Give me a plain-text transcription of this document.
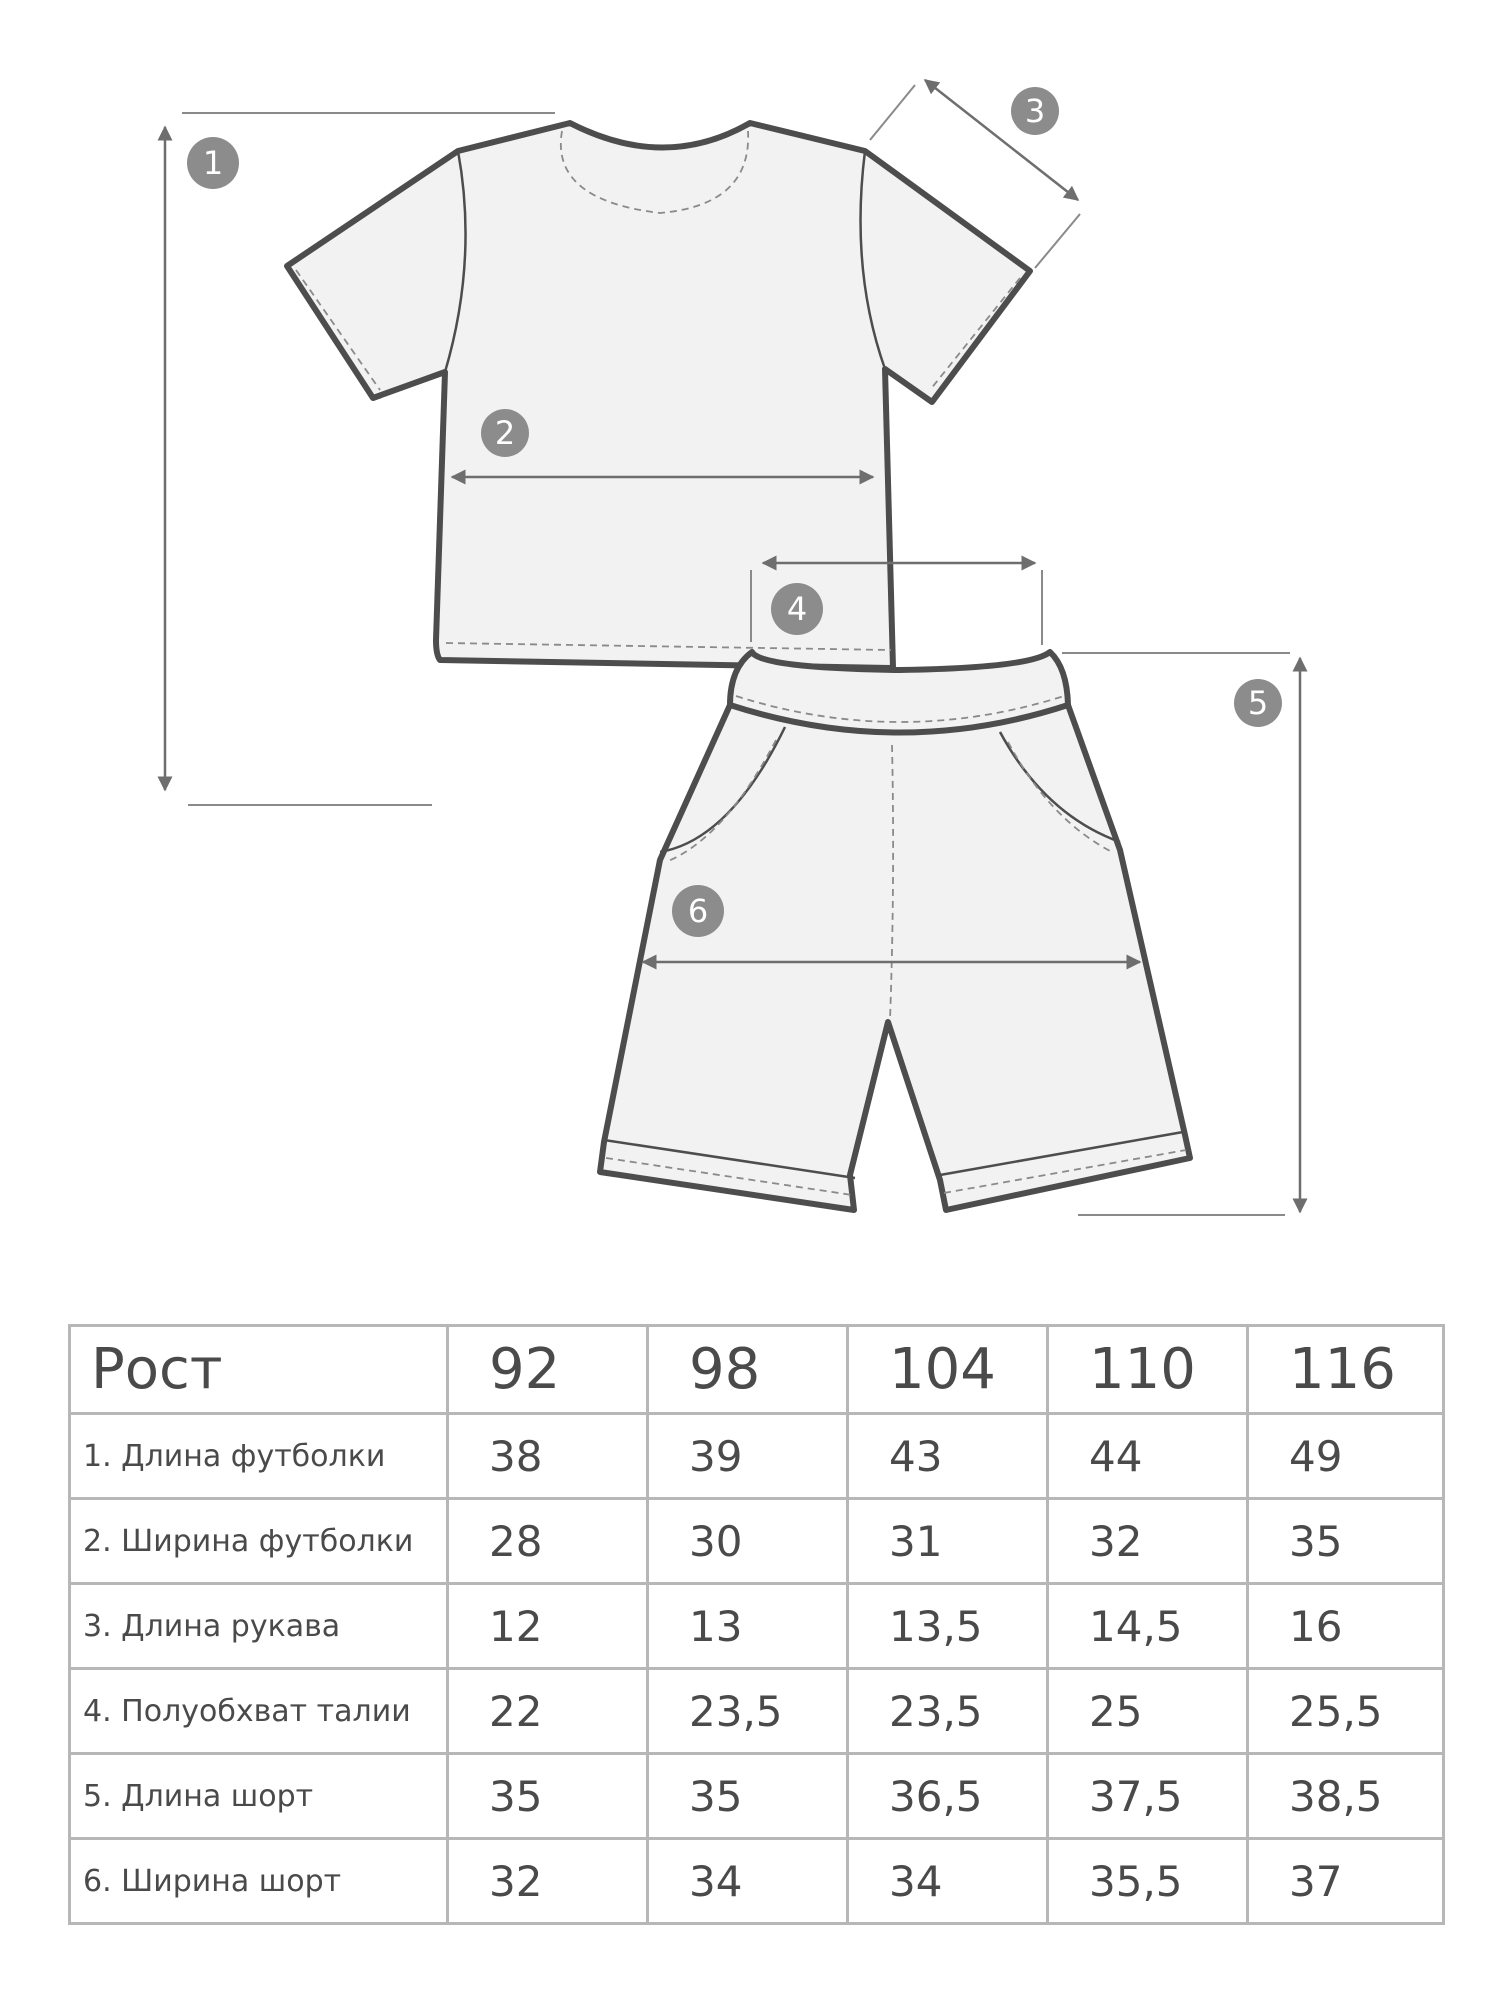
1
2
3
4
5
6
Рост	92	98	104	110	116
1. Длина футболки	38	39	43	44	49
2. Ширина футболки	28	30	31	32	35
3. Длина рукава	12	13	13,5	14,5	16
4. Полуобхват талии	22	23,5	23,5	25	25,5
5. Длина шорт	35	35	36,5	37,5	38,5
6. Ширина шорт	32	34	34	35,5	37
